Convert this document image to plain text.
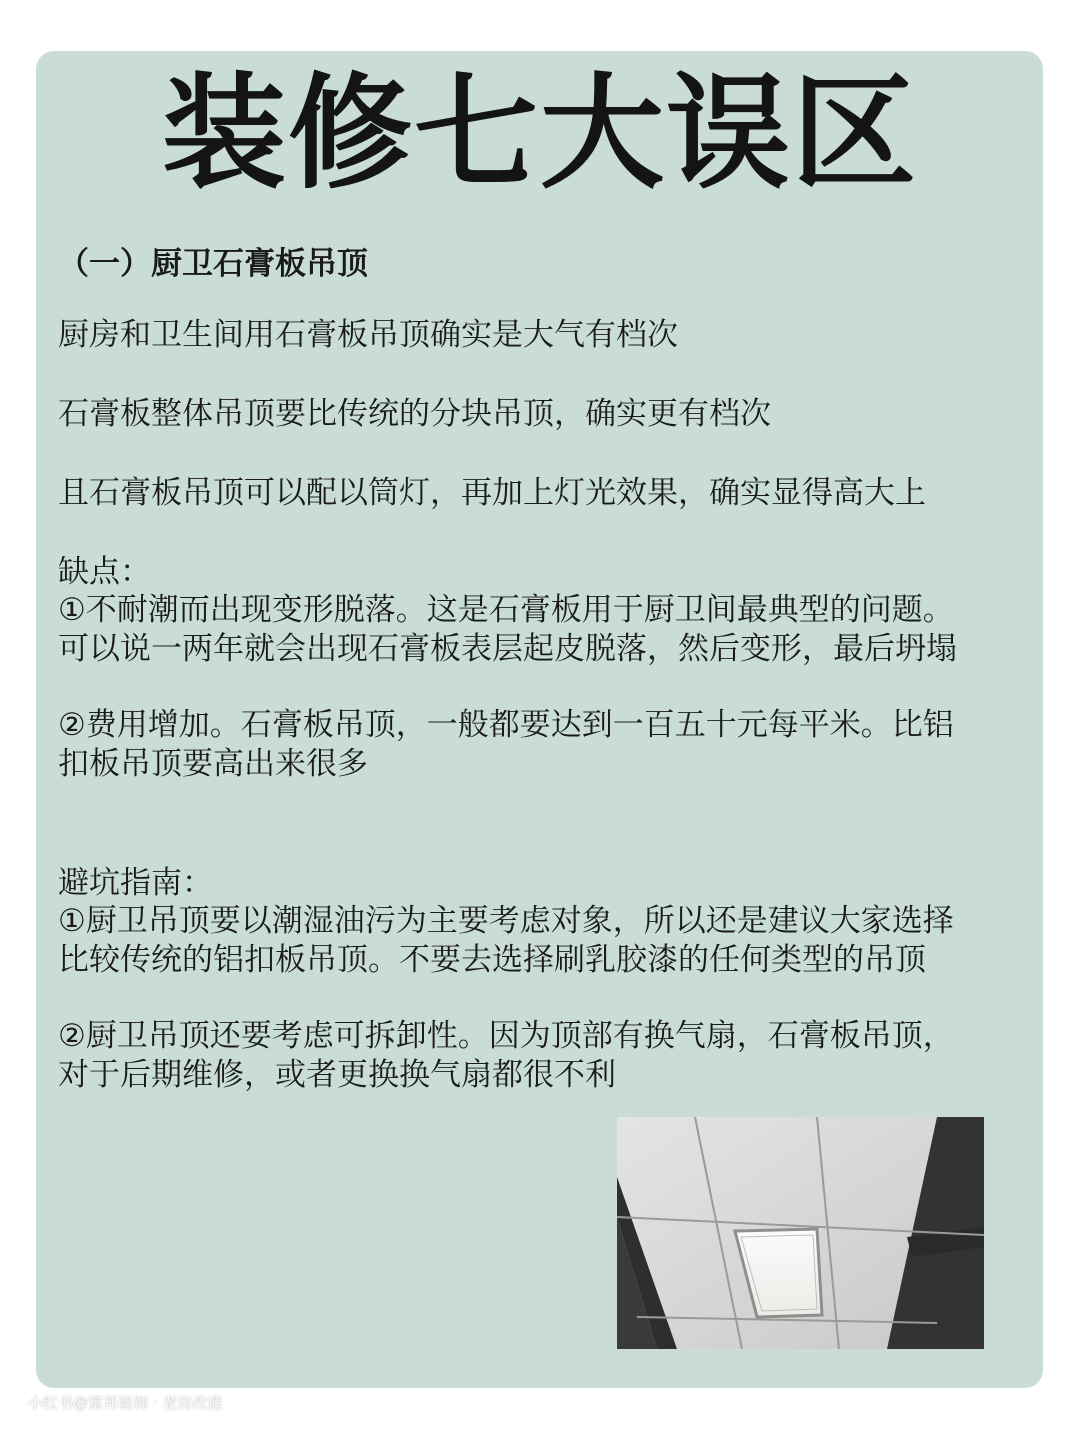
装修七大误区
（一）厨卫石膏板吊顶
厨房和卫生间用石膏板吊顶确实是大气有档次
石膏板整体吊顶要比传统的分块吊顶，确实更有档次
且石膏板吊顶可以配以筒灯，再加上灯光效果，确实显得高大上
缺点：
①不耐潮而出现变形脱落。这是石膏板用于厨卫间最典型的问题。
可以说一两年就会出现石膏板表层起皮脱落，然后变形，最后坍塌
②费用增加。石膏板吊顶，一般都要达到一百五十元每平米。比铝
扣板吊顶要高出来很多
避坑指南：
①厨卫吊顶要以潮湿油污为主要考虑对象，所以还是建议大家选择
比较传统的铝扣板吊顶。不要去选择刷乳胶漆的任何类型的吊顶
②厨卫吊顶还要考虑可拆卸性。因为顶部有换气扇，石膏板吊顶，
对于后期维修，或者更换换气扇都很不利
小红书@富邦装饰 · 老房改造
